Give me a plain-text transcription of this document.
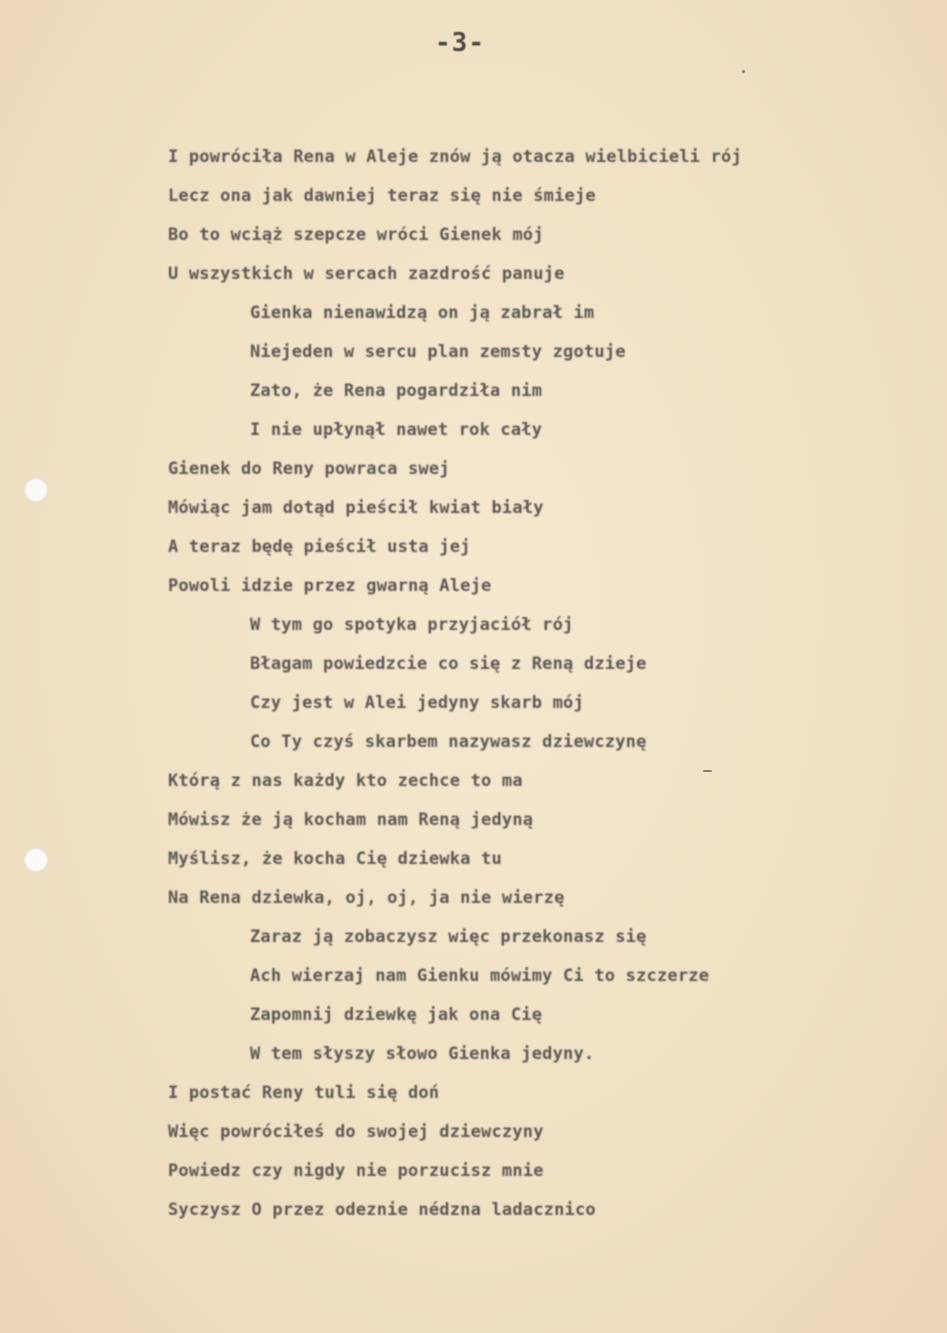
-3-
I powróciła Rena w Aleje znów ją otacza wielbicieli rój
Lecz ona jak dawniej teraz się nie śmieje
Bo to wciąż szepcze wróci Gienek mój
U wszystkich w sercach zazdrość panuje
Gienka nienawidzą on ją zabrał im
Niejeden w sercu plan zemsty zgotuje
Zato, że Rena pogardziła nim
I nie upłynął nawet rok cały
Gienek do Reny powraca swej
Mówiąc jam dotąd pieścił kwiat biały
A teraz będę pieścił usta jej
Powoli idzie przez gwarną Aleje
W tym go spotyka przyjaciół rój
Błagam powiedzcie co się z Reną dzieje
Czy jest w Alei jedyny skarb mój
Co Ty czyś skarbem nazywasz dziewczynę
Którą z nas każdy kto zechce to ma
Mówisz że ją kocham nam Reną jedyną
Myślisz, że kocha Cię dziewka tu
Na Rena dziewka, oj, oj, ja nie wierzę
Zaraz ją zobaczysz więc przekonasz się
Ach wierzaj nam Gienku mówimy Ci to szczerze
Zapomnij dziewkę jak ona Cię
W tem słyszy słowo Gienka jedyny.
I postać Reny tuli się doń
Więc powróciłeś do swojej dziewczyny
Powiedz czy nigdy nie porzucisz mnie
Syczysz O przez odeznie nédzna ladacznico
